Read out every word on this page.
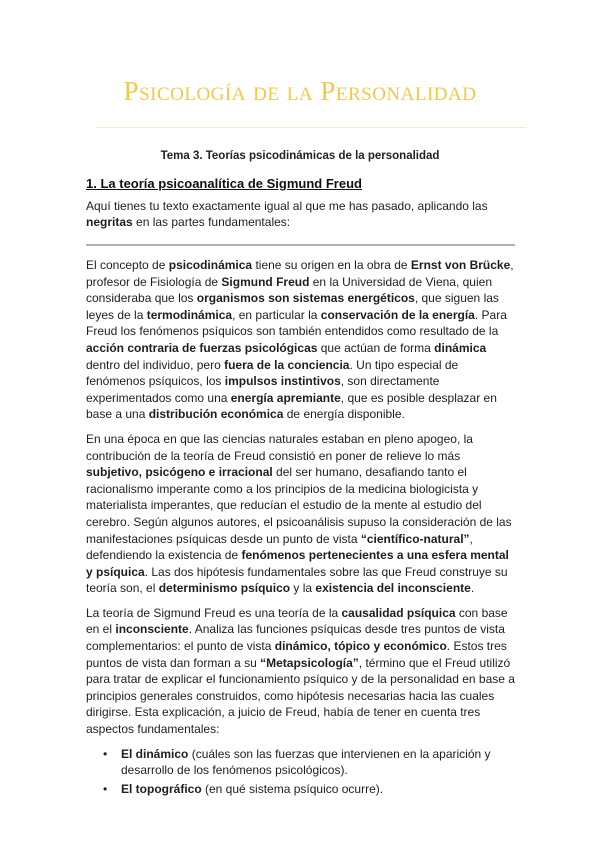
Psicología de la Personalidad
Tema 3. Teorías psicodinámicas de la personalidad
1. La teoría psicoanalítica de Sigmund Freud
Aquí tienes tu texto exactamente igual al que me has pasado, aplicando las negritas en las partes fundamentales:

El concepto de psicodinámica tiene su origen en la obra de Ernst von Brücke, profesor de Fisiología de Sigmund Freud en la Universidad de Viena, quien consideraba que los organismos son sistemas energéticos, que siguen las leyes de la termodinámica, en particular la conservación de la energía. Para Freud los fenómenos psíquicos son también entendidos como resultado de la acción contraria de fuerzas psicológicas que actúan de forma dinámica dentro del individuo, pero fuera de la conciencia. Un tipo especial de fenómenos psíquicos, los impulsos instintivos, son directamente experimentados como una energía apremiante, que es posible desplazar en base a una distribución económica de energía disponible.

En una época en que las ciencias naturales estaban en pleno apogeo, la contribución de la teoría de Freud consistió en poner de relieve lo más subjetivo, psicógeno e irracional del ser humano, desafiando tanto el racionalismo imperante como a los principios de la medicina biologicista y materialista imperantes, que reducían el estudio de la mente al estudio del cerebro. Según algunos autores, el psicoanálisis supuso la consideración de las manifestaciones psíquicas desde un punto de vista “científico-natural”, defendiendo la existencia de fenómenos pertenecientes a una esfera mental y psíquica. Las dos hipótesis fundamentales sobre las que Freud construye su teoría son, el determinismo psíquico y la existencia del inconsciente.

La teoría de Sigmund Freud es una teoría de la causalidad psíquica con base en el inconsciente. Analiza las funciones psíquicas desde tres puntos de vista complementarios: el punto de vista dinámico, tópico y económico. Estos tres puntos de vista dan forman a su “Metapsicología”, término que el Freud utilizó para tratar de explicar el funcionamiento psíquico y de la personalidad en base a principios generales construidos, como hipótesis necesarias hacia las cuales dirigirse. Esta explicación, a juicio de Freud, había de tener en cuenta tres aspectos fundamentales:

• El dinámico (cuáles son las fuerzas que intervienen en la aparición y desarrollo de los fenómenos psicológicos).
• El topográfico (en qué sistema psíquico ocurre).
